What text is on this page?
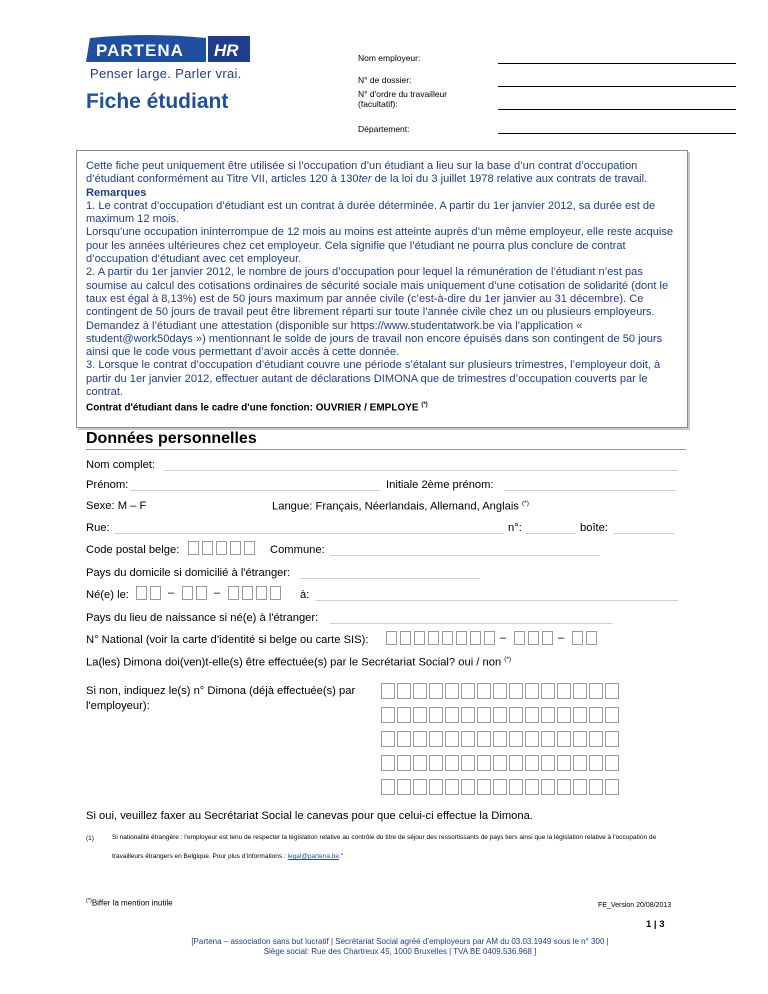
PARTENA HR
Penser large. Parler vrai.
Fiche étudiant
Nom employeur:
N° de dossier:
N° d'ordre du travailleur (facultatif):
Département:

Cette fiche peut uniquement être utilisée si l’occupation d’un étudiant a lieu sur la base d’un contrat d’occupation d’étudiant conformément au Titre VII, articles 120 à 130ter de la loi du 3 juillet 1978 relative aux contrats de travail.

Remarques

1. Le contrat d’occupation d’étudiant est un contrat à durée déterminée. A partir du 1er janvier 2012, sa durée est de maximum 12 mois.

Lorsqu’une occupation ininterrompue de 12 mois au moins est atteinte auprès d’un même employeur, elle reste acquise pour les années ultérieures chez cet employeur. Cela signifie que l’étudiant ne pourra plus conclure de contrat d’occupation d’étudiant avec cet employeur.

2. A partir du 1er janvier 2012, le nombre de jours d’occupation pour lequel la rémunération de l’étudiant n’est pas soumise au calcul des cotisations ordinaires de sécurité sociale mais uniquement d’une cotisation de solidarité (dont le taux est égal à 8,13%) est de 50 jours maximum par année civile (c’est-à-dire du 1er janvier au 31 décembre). Ce contingent de 50 jours de travail peut être librement réparti sur toute l’année civile chez un ou plusieurs employeurs. Demandez à l’étudiant une attestation (disponible sur https://www.studentatwork.be via l’application « student@work50days ») mentionnant le solde de jours de travail non encore épuisés dans son contingent de 50 jours ainsi que le code vous permettant d’avoir accès à cette donnée.

3. Lorsque le contrat d’occupation d’étudiant couvre une période s’étalant sur plusieurs trimestres, l’employeur doit, à partir du 1er janvier 2012, effectuer autant de déclarations DIMONA que de trimestres d’occupation couverts par le contrat.

Contrat d'étudiant dans le cadre d'une fonction: OUVRIER / EMPLOYE (*)
Données personnelles
Nom complet:
Prénom:	Initiale 2ème prénom:
Sexe: M – F	Langue: Français, Néerlandais, Allemand, Anglais (*)
Rue:	n°:	boîte:
Code postal belge:	Commune:
Pays du domicile si domicilié à l'étranger:
Né(e) le:	–	–	à:
Pays du lieu de naissance si né(e) à l'étranger:
N° National (voir la carte d’identité si belge ou carte SIS):	–	–
La(les) Dimona doi(ven)t-elle(s) être effectuée(s) par le Secrétariat Social? oui / non (*)
Si non, indiquez le(s) n° Dimona (déjà effectuée(s) par l'employeur):
Si oui, veuillez faxer au Secrétariat Social le canevas pour que celui-ci effectue la Dimona.
(1)	Si nationalité étrangère : l'employeur est tenu de respecter la législation relative au contrôle du titre de séjour des ressortissants de pays tiers ainsi que la législation relative à l'occupation de travailleurs étrangers en Belgique. Pour plus d’informations : legal@partena.be."
(*)Biffer la mention inutile	FE_Version 20/08/2013
1 | 3
[Partena – association sans but lucratif | Secrétariat Social agréé d’employeurs par AM du 03.03.1949 sous le n° 300 |
Siège social: Rue des Chartreux 45, 1000 Bruxelles | TVA BE 0409.536.968 ]
